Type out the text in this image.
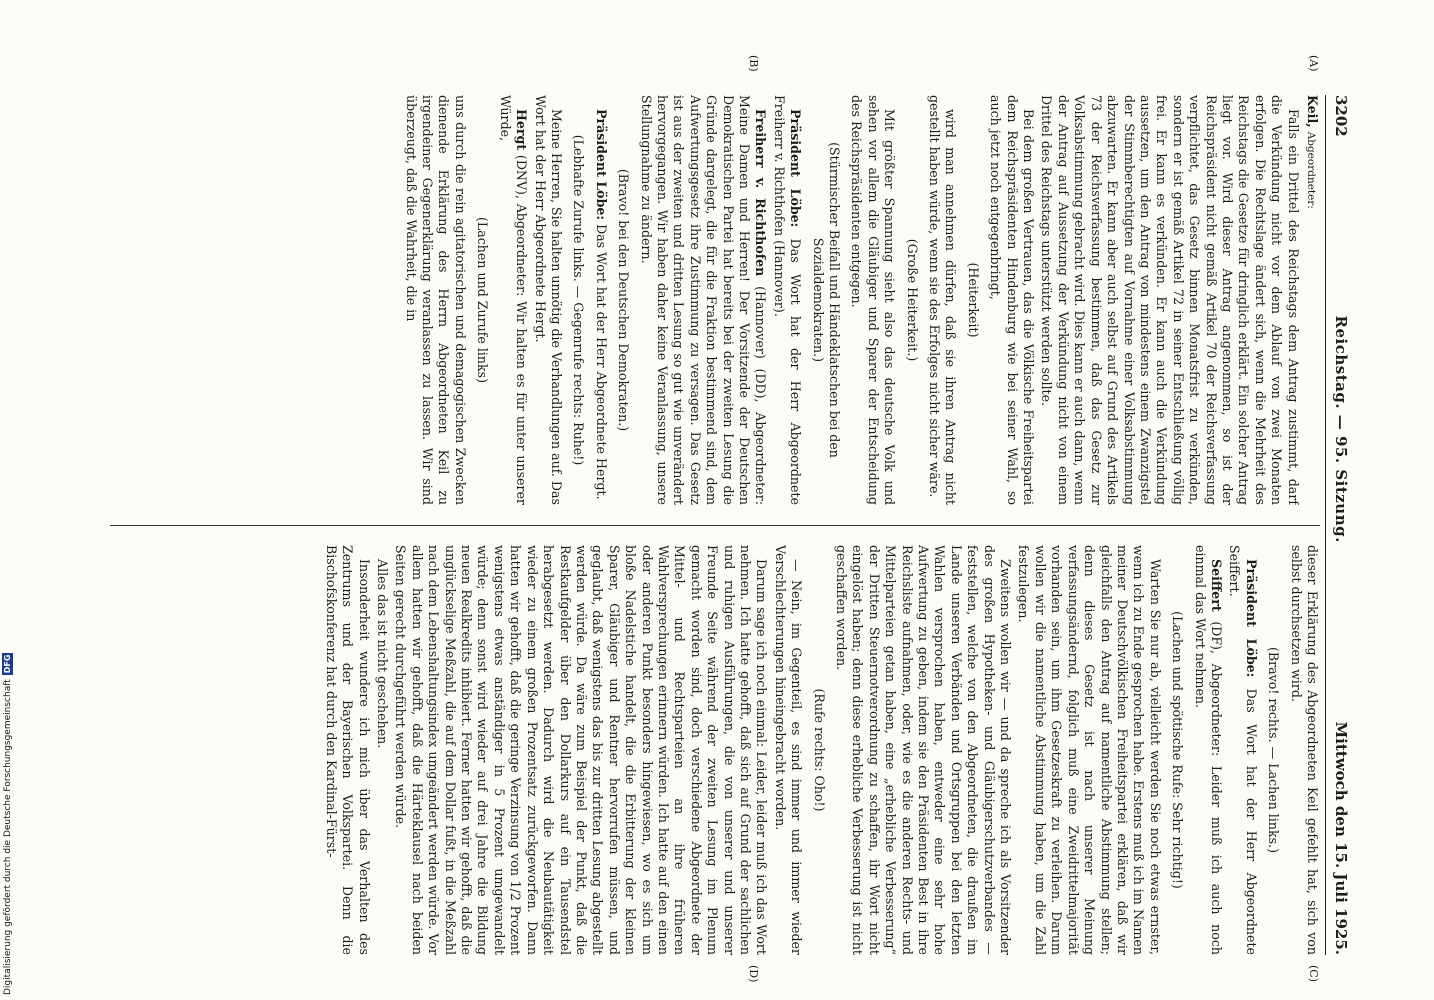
3202
Reichstag. — 95. Sitzung.
Mittwoch den 15. Juli 1925.
(A)
(B)
(C)
(D)

Keil, Abgeordneter:

Falls ein Drittel des Reichstags dem Antrag zustimmt, darf die Verkündung nicht vor dem Ablauf von zwei Monaten erfolgen. Die Rechtslage ändert sich, wenn die Mehrheit des Reichstags die Gesetze für dringlich erklärt. Ein solcher Antrag liegt vor. Wird dieser Antrag angenommen, so ist der Reichspräsident nicht gemäß Artikel 70 der Reichsverfassung verpflichtet, das Gesetz binnen Monatsfrist zu verkünden, sondern er ist gemäß Artikel 72 in seiner Entschließung völlig frei. Er kann es verkünden. Er kann auch die Verkündung aussetzen, um den Antrag von mindestens einem Zwanzigstel der Stimmberechtigten auf Vornahme einer Volksabstimmung abzuwarten. Er kann aber auch selbst auf Grund des Artikels 73 der Reichsverfassung bestimmen, daß das Gesetz zur Volksabstimmung gebracht wird. Dies kann er auch dann, wenn der Antrag auf Aussetzung der Verkündung nicht von einem Drittel des Reichstags unterstützt werden sollte.

Bei dem großen Vertrauen, das die Völkische Freiheitspartei dem Reichspräsidenten Hindenburg wie bei seiner Wahl, so auch jetzt noch entgegenbringt,

(Heiterkeit)

wird man annehmen dürfen, daß sie ihren Antrag nicht gestellt haben würde, wenn sie des Erfolges nicht sicher wäre.

(Große Heiterkeit.)

Mit größter Spannung sieht also das deutsche Volk und sehen vor allem die Gläubiger und Sparer der Entscheidung des Reichspräsidenten entgegen.

(Stürmischer Beifall und Händeklatschen bei den Sozialdemokraten.)

Präsident Löbe: Das Wort hat der Herr Abgeordnete Freiherr v. Richthofen (Hannover).

Freiherr v. Richthofen (Hannover) (DD), Abgeordneter: Meine Damen und Herren! Der Vorsitzende der Deutschen Demokratischen Partei hat bereits bei der zweiten Lesung die Gründe dargelegt, die für die Fraktion bestimmend sind, dem Aufwertungsgesetz ihre Zustimmung zu versagen. Das Gesetz ist aus der zweiten und dritten Lesung so gut wie unverändert hervorgegangen. Wir haben daher keine Veranlassung, unsere Stellungnahme zu ändern.

(Bravo! bei den Deutschen Demokraten.)

Präsident Löbe: Das Wort hat der Herr Abgeordnete Hergt.

(Lebhafte Zurufe links. — Gegenrufe rechts: Ruhe!)

Meine Herren, Sie halten unnötig die Verhandlungen auf. Das Wort hat der Herr Abgeordnete Hergt.

Hergt (DNV), Abgeordneter: Wir halten es für unter unserer Würde,

(Lachen und Zurufe links)

uns durch die rein agitatorischen und demagogischen Zwecken dienende Erklärung des Herrn Abgeordneten Keil zu irgendeiner Gegenerklärung veranlassen zu lassen. Wir sind überzeugt, daß die Wahrheit, die in

dieser Erklärung des Abgeordneten Keil gefehlt hat, sich von selbst durchsetzen wird.

(Bravo! rechts. — Lachen links.)

Präsident Löbe: Das Wort hat der Herr Abgeordnete Seiffert.

Seiffert (DF), Abgeordneter: Leider muß ich auch noch einmal das Wort nehmen.

(Lachen und spöttische Rufe: Sehr richtig!)

Warten Sie nur ab, vielleicht werden Sie noch etwas ernster, wenn ich zu Ende gesprochen habe. Erstens muß ich im Namen meiner Deutschvölkischen Freiheitspartei erklären, daß wir gleichfalls den Antrag auf namentliche Abstimmung stellen; denn dieses Gesetz ist nach unserer Meinung verfassungsändernd, folglich muß eine Zweidrittelmajorität vorhanden sein, um ihm Gesetzeskraft zu verleihen. Darum wollen wir die namentliche Abstimmung haben, um die Zahl festzulegen.

Zweitens wollen wir — und da spreche ich als Vorsitzender des großen Hypotheken- und Gläubigerschutzverbandes — feststellen, welche von den Abgeordneten, die draußen im Lande unseren Verbänden und Ortsgruppen bei den letzten Wahlen versprochen haben, entweder eine sehr hohe Aufwertung zu geben, indem sie den Präsidenten Best in ihre Reichsliste aufnahmen, oder, wie es die anderen Rechts- und Mittelparteien getan haben, eine „erhebliche Verbesserung“ der Dritten Steuernotverordnung zu schaffen, ihr Wort nicht eingelöst haben; denn diese erhebliche Verbesserung ist nicht geschaffen worden.

(Rufe rechts: Oho!)

— Nein, im Gegenteil, es sind immer und immer wieder Verschlechterungen hineingebracht worden.

Darum sage ich noch einmal: Leider, leider muß ich das Wort nehmen. Ich hatte gehofft, daß sich auf Grund der sachlichen und ruhigen Ausführungen, die von unserer und unserer Freunde Seite während der zweiten Lesung im Plenum gemacht worden sind, doch verschiedene Abgeordnete der Mittel- und Rechtsparteien an ihre früheren Wahlversprechungen erinnern würden. Ich hatte auf den einen oder anderen Punkt besonders hingewiesen, wo es sich um bloße Nadelstiche handelt, die die Erbitterung der kleinen Sparer, Gläubiger und Rentner hervorrufen müssen, und geglaubt, daß wenigstens das bis zur dritten Lesung abgestellt werden würde. Da wäre zum Beispiel der Punkt, daß die Restkaufgelder über den Dollarkurs auf ein Tausendstel herabgesetzt werden. Dadurch wird die Neubautätigkeit wieder zu einem großen Prozentsatz zurückgeworfen. Dann hatten wir gehofft, daß die geringe Verzinsung von 1/2 Prozent wenigstens etwas anständiger in 5 Prozent umgewandelt würde; denn sonst wird wieder auf drei Jahre die Bildung neuen Realkredits inhibiert. Ferner hatten wir gehofft, daß die unglückselige Meßzahl, die auf dem Dollar fußt, in die Meßzahl nach dem Lebenshaltungsindex umgeändert werden würde. Vor allem hatten wir gehofft, daß die Härteklausel nach beiden Seiten gerecht durchgeführt werden würde.

Alles das ist nicht geschehen.

Insonderheit wundere ich mich über das Verhalten des Zentrums und der Bayerischen Volkspartei. Denn die Bischofskonferenz hat durch den Kardinal-Fürst-

Digitalisierung gefördert durch die Deutsche Forschungsgemeinschaft
DFG
